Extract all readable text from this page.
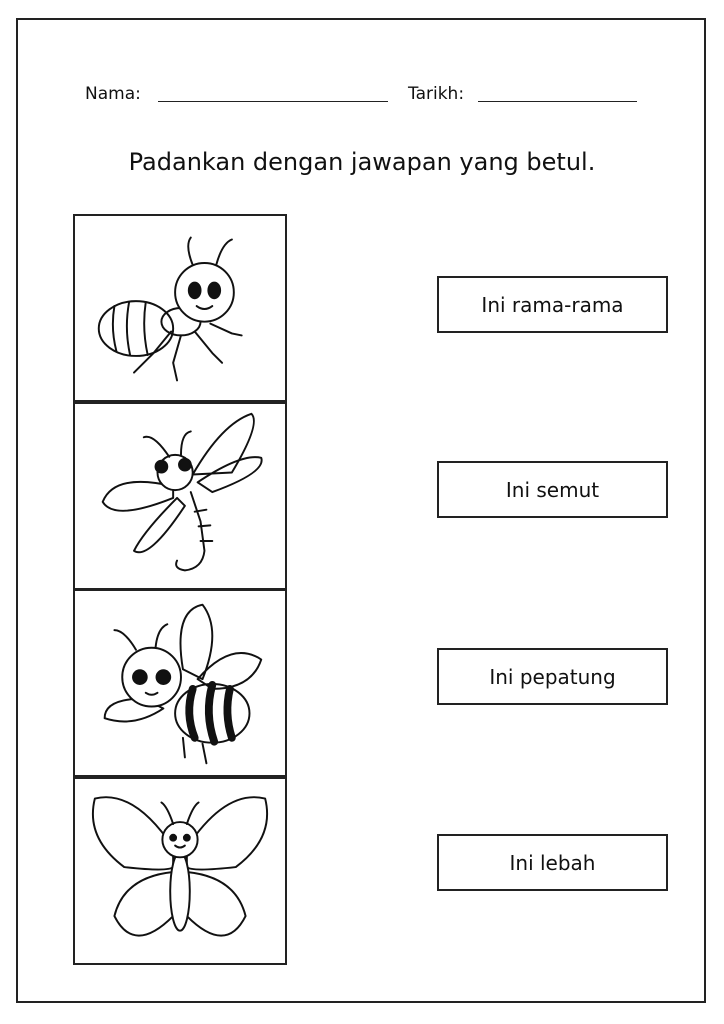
Nama:	Tarikh:
Padankan dengan jawapan yang betul.
Ini rama-rama
Ini semut
Ini pepatung
Ini lebah
